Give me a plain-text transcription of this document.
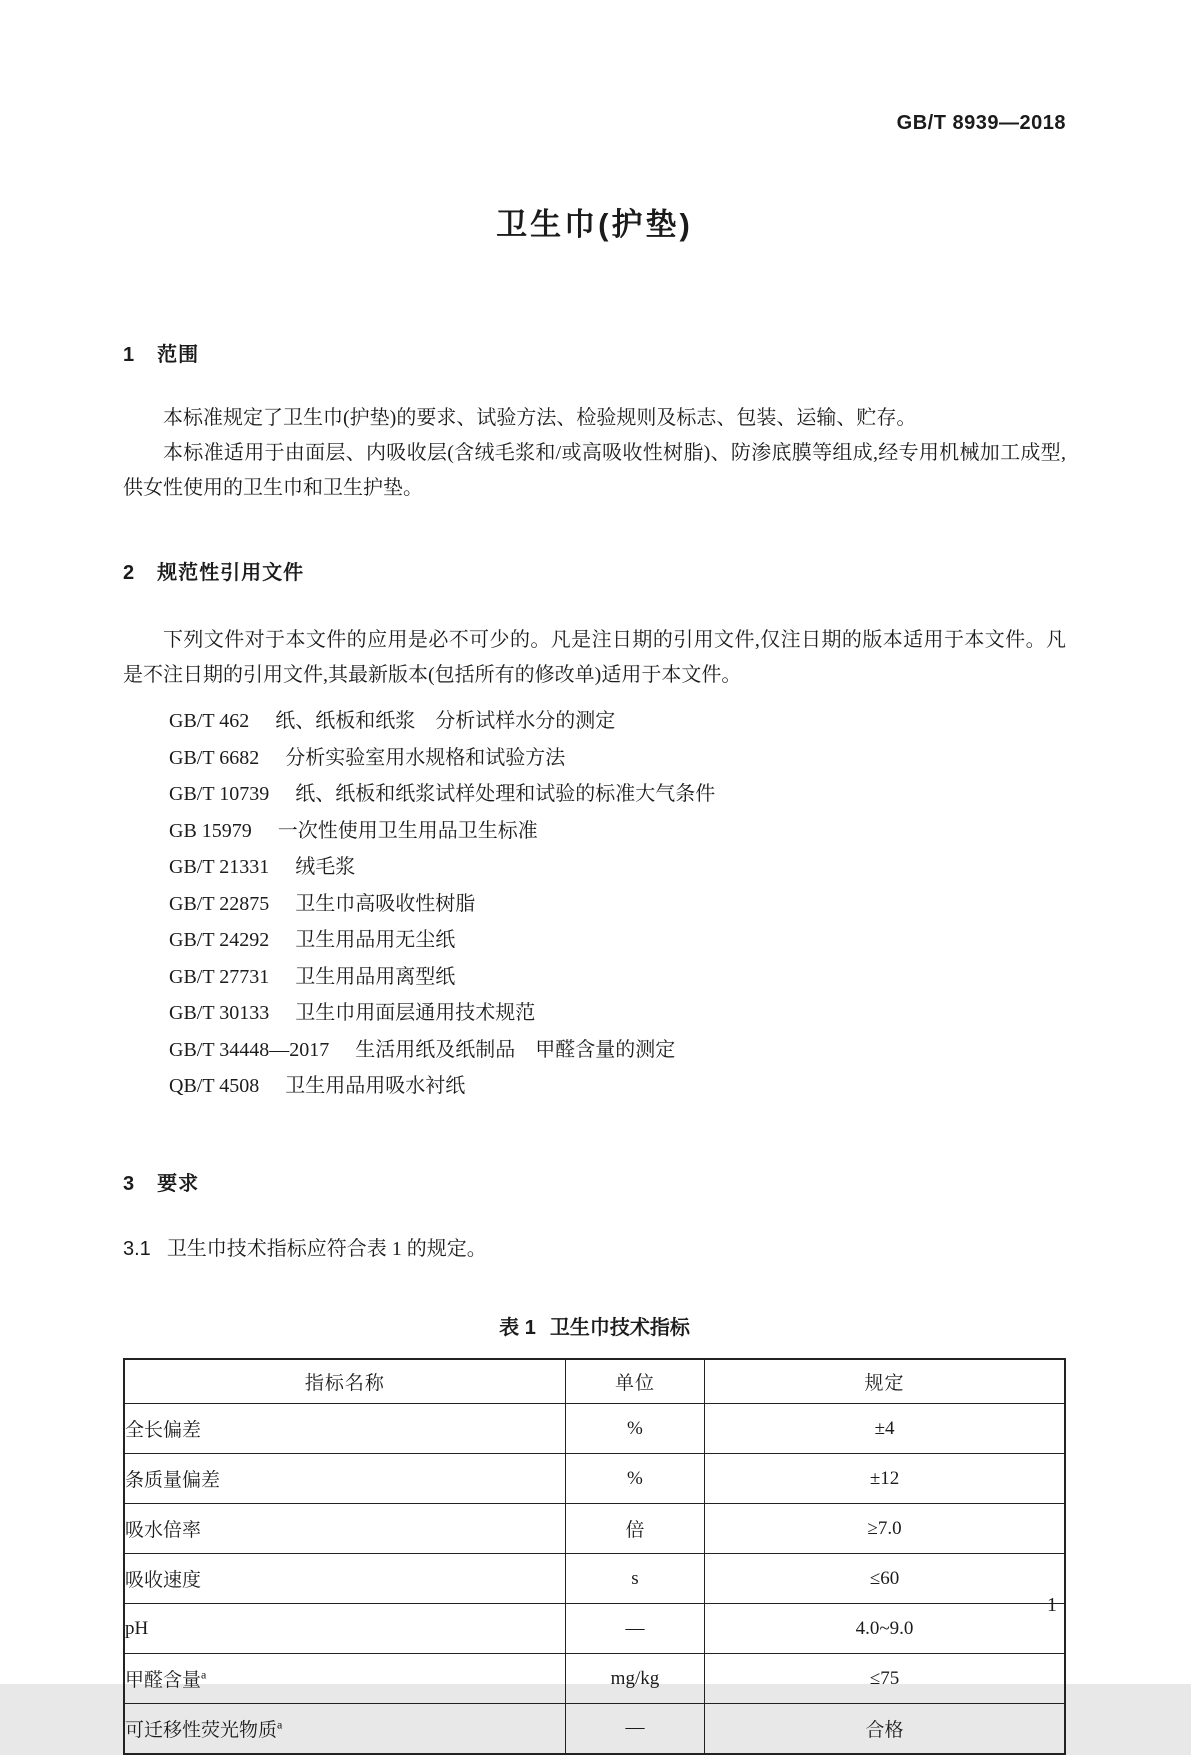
GB/T 8939—2018
卫生巾(护垫)
1 范围

本标准规定了卫生巾(护垫)的要求、试验方法、检验规则及标志、包装、运输、贮存。

本标准适用于由面层、内吸收层(含绒毛浆和/或高吸收性树脂)、防渗底膜等组成,经专用机械加工成型,供女性使用的卫生巾和卫生护垫。

2 规范性引用文件

下列文件对于本文件的应用是必不可少的。凡是注日期的引用文件,仅注日期的版本适用于本文件。凡是不注日期的引用文件,其最新版本(包括所有的修改单)适用于本文件。

GB/T 462 纸、纸板和纸浆　分析试样水分的测定
GB/T 6682 分析实验室用水规格和试验方法
GB/T 10739 纸、纸板和纸浆试样处理和试验的标准大气条件
GB 15979 一次性使用卫生用品卫生标准
GB/T 21331 绒毛浆
GB/T 22875 卫生巾高吸收性树脂
GB/T 24292 卫生用品用无尘纸
GB/T 27731 卫生用品用离型纸
GB/T 30133 卫生巾用面层通用技术规范
GB/T 34448—2017 生活用纸及纸制品　甲醛含量的测定
QB/T 4508 卫生用品用吸水衬纸
3 要求

3.1 卫生巾技术指标应符合表 1 的规定。

表 1 卫生巾技术指标
指标名称	单位	规定
全长偏差	%	±4
条质量偏差	%	±12
吸水倍率	倍	≥7.0
吸收速度	s	≤60
pH	—	4.0~9.0
甲醛含量$^a$	mg/kg	≤75
可迁移性荧光物质$^a$	—	合格
1
